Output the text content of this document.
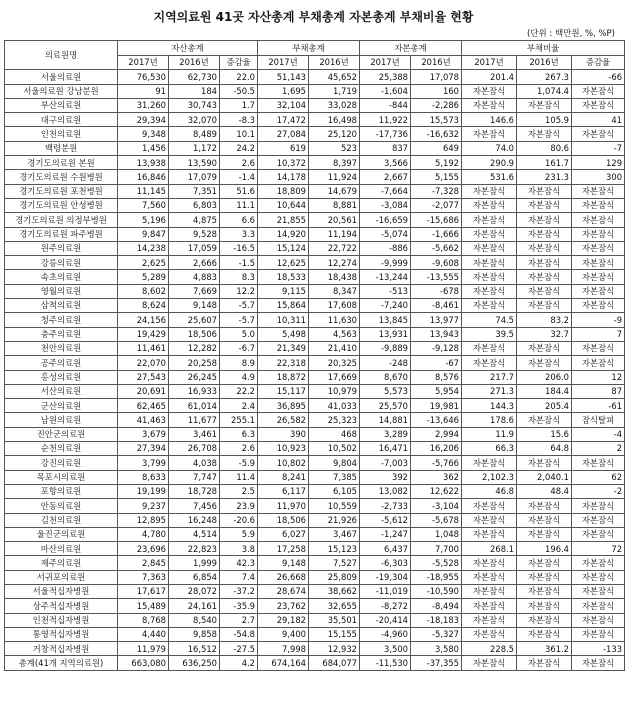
지역의료원 41곳 자산총계 부채총계 자본총계 부채비율 현황
(단위 : 백만원, %, %P)
의료원명	자산총계			부채총계		자본총계		부채비율		
	2017년	2016년	증감율	2017년	2016년	2017년	2016년	2017년	2016년	증감율
서울의료원	76,530	62,730	22.0	51,143	45,652	25,388	17,078	201.4	267.3	-66
서울의료원 강남분원	91	184	-50.5	1,695	1,719	-1,604	160	자본잠식	1,074.4	자본잠식
부산의료원	31,260	30,743	1.7	32,104	33,028	-844	-2,286	자본잠식	자본잠식	자본잠식
대구의료원	29,394	32,070	-8.3	17,472	16,498	11,922	15,573	146.6	105.9	41
인천의료원	9,348	8,489	10.1	27,084	25,120	-17,736	-16,632	자본잠식	자본잠식	자본잠식
백령분원	1,456	1,172	24.2	619	523	837	649	74.0	80.6	-7
경기도의료원 본원	13,938	13,590	2.6	10,372	8,397	3,566	5,192	290.9	161.7	129
경기도의료원 수원병원	16,846	17,079	-1.4	14,178	11,924	2,667	5,155	531.6	231.3	300
경기도의료원 포천병원	11,145	7,351	51.6	18,809	14,679	-7,664	-7,328	자본잠식	자본잠식	자본잠식
경기도의료원 안성병원	7,560	6,803	11.1	10,644	8,881	-3,084	-2,077	자본잠식	자본잠식	자본잠식
경기도의료원 의정부병원	5,196	4,875	6.6	21,855	20,561	-16,659	-15,686	자본잠식	자본잠식	자본잠식
경기도의료원 파주병원	9,847	9,528	3.3	14,920	11,194	-5,074	-1,666	자본잠식	자본잠식	자본잠식
원주의료원	14,238	17,059	-16.5	15,124	22,722	-886	-5,662	자본잠식	자본잠식	자본잠식
강릉의료원	2,625	2,666	-1.5	12,625	12,274	-9,999	-9,608	자본잠식	자본잠식	자본잠식
속초의료원	5,289	4,883	8.3	18,533	18,438	-13,244	-13,555	자본잠식	자본잠식	자본잠식
영월의료원	8,602	7,669	12.2	9,115	8,347	-513	-678	자본잠식	자본잠식	자본잠식
삼척의료원	8,624	9,148	-5.7	15,864	17,608	-7,240	-8,461	자본잠식	자본잠식	자본잠식
청주의료원	24,156	25,607	-5.7	10,311	11,630	13,845	13,977	74.5	83.2	-9
충주의료원	19,429	18,506	5.0	5,498	4,563	13,931	13,943	39.5	32.7	7
천안의료원	11,461	12,282	-6.7	21,349	21,410	-9,889	-9,128	자본잠식	자본잠식	자본잠식
공주의료원	22,070	20,258	8.9	22,318	20,325	-248	-67	자본잠식	자본잠식	자본잠식
홍성의료원	27,543	26,245	4.9	18,872	17,669	8,670	8,576	217.7	206.0	12
서산의료원	20,691	16,933	22.2	15,117	10,979	5,573	5,954	271.3	184.4	87
군산의료원	62,465	61,014	2.4	36,895	41,033	25,570	19,981	144.3	205.4	-61
남원의료원	41,463	11,677	255.1	26,582	25,323	14,881	-13,646	178.6	자본잠식	잠식탈피
진안군의료원	3,679	3,461	6.3	390	468	3,289	2,994	11.9	15.6	-4
순천의료원	27,394	26,708	2.6	10,923	10,502	16,471	16,206	66.3	64.8	2
강진의료원	3,799	4,038	-5.9	10,802	9,804	-7,003	-5,766	자본잠식	자본잠식	자본잠식
목포시의료원	8,633	7,747	11.4	8,241	7,385	392	362	2,102.3	2,040.1	62
포항의료원	19,199	18,728	2.5	6,117	6,105	13,082	12,622	46.8	48.4	-2
안동의료원	9,237	7,456	23.9	11,970	10,559	-2,733	-3,104	자본잠식	자본잠식	자본잠식
김천의료원	12,895	16,248	-20.6	18,506	21,926	-5,612	-5,678	자본잠식	자본잠식	자본잠식
울진군의료원	4,780	4,514	5.9	6,027	3,467	-1,247	1,048	자본잠식	자본잠식	자본잠식
마산의료원	23,696	22,823	3.8	17,258	15,123	6,437	7,700	268.1	196.4	72
제주의료원	2,845	1,999	42.3	9,148	7,527	-6,303	-5,528	자본잠식	자본잠식	자본잠식
서귀포의료원	7,363	6,854	7.4	26,668	25,809	-19,304	-18,955	자본잠식	자본잠식	자본잠식
서울적십자병원	17,617	28,072	-37.2	28,674	38,662	-11,019	-10,590	자본잠식	자본잠식	자본잠식
상주적십자병원	15,489	24,161	-35.9	23,762	32,655	-8,272	-8,494	자본잠식	자본잠식	자본잠식
인천적십자병원	8,768	8,540	2.7	29,182	35,501	-20,414	-18,183	자본잠식	자본잠식	자본잠식
통영적십자병원	4,440	9,858	-54.8	9,400	15,155	-4,960	-5,327	자본잠식	자본잠식	자본잠식
거창적십자병원	11,979	16,512	-27.5	7,998	12,932	3,500	3,580	228.5	361.2	-133
총계(41개 지역의료원)	663,080	636,250	4.2	674,164	684,077	-11,530	-37,355	자본잠식	자본잠식	자본잠식
